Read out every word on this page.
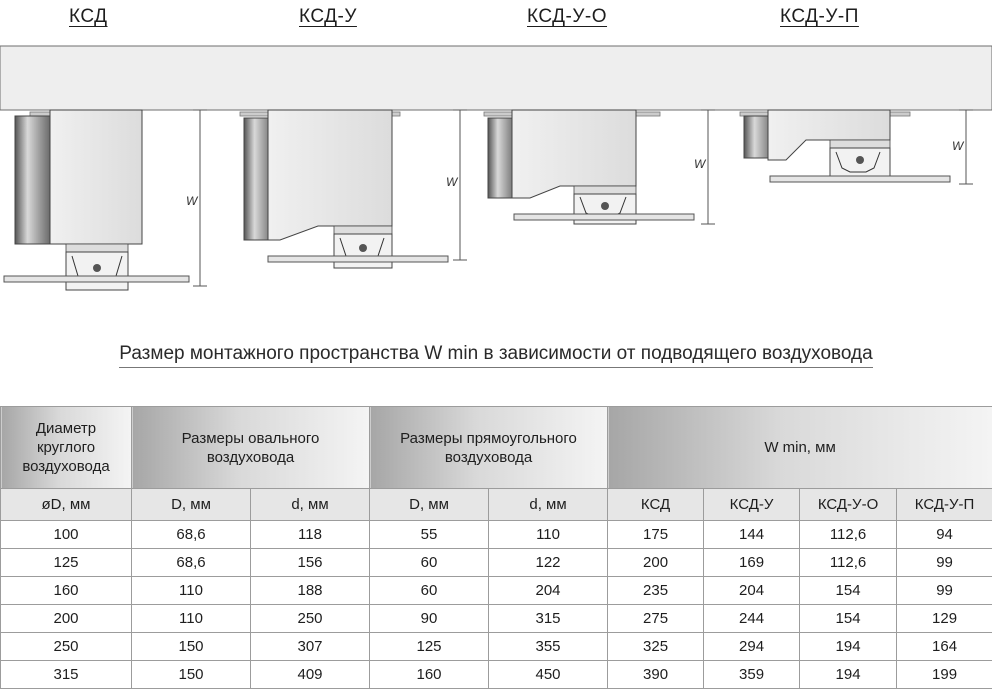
КСД	КСД-У	КСД-У-О	КСД-У-П
W
W
W
W
Размер монтажного пространства W min в зависимости от подводящего воздуховода
Диаметр круглого воздуховода	Размеры овального воздуховода		Размеры прямоугольного воздуховода		W min, мм			
øD, мм	D, мм	d, мм	D, мм	d, мм	КСД	КСД-У	КСД-У-О	КСД-У-П
100	68,6	118	55	110	175	144	112,6	94
125	68,6	156	60	122	200	169	112,6	99
160	110	188	60	204	235	204	154	99
200	110	250	90	315	275	244	154	129
250	150	307	125	355	325	294	194	164
315	150	409	160	450	390	359	194	199
